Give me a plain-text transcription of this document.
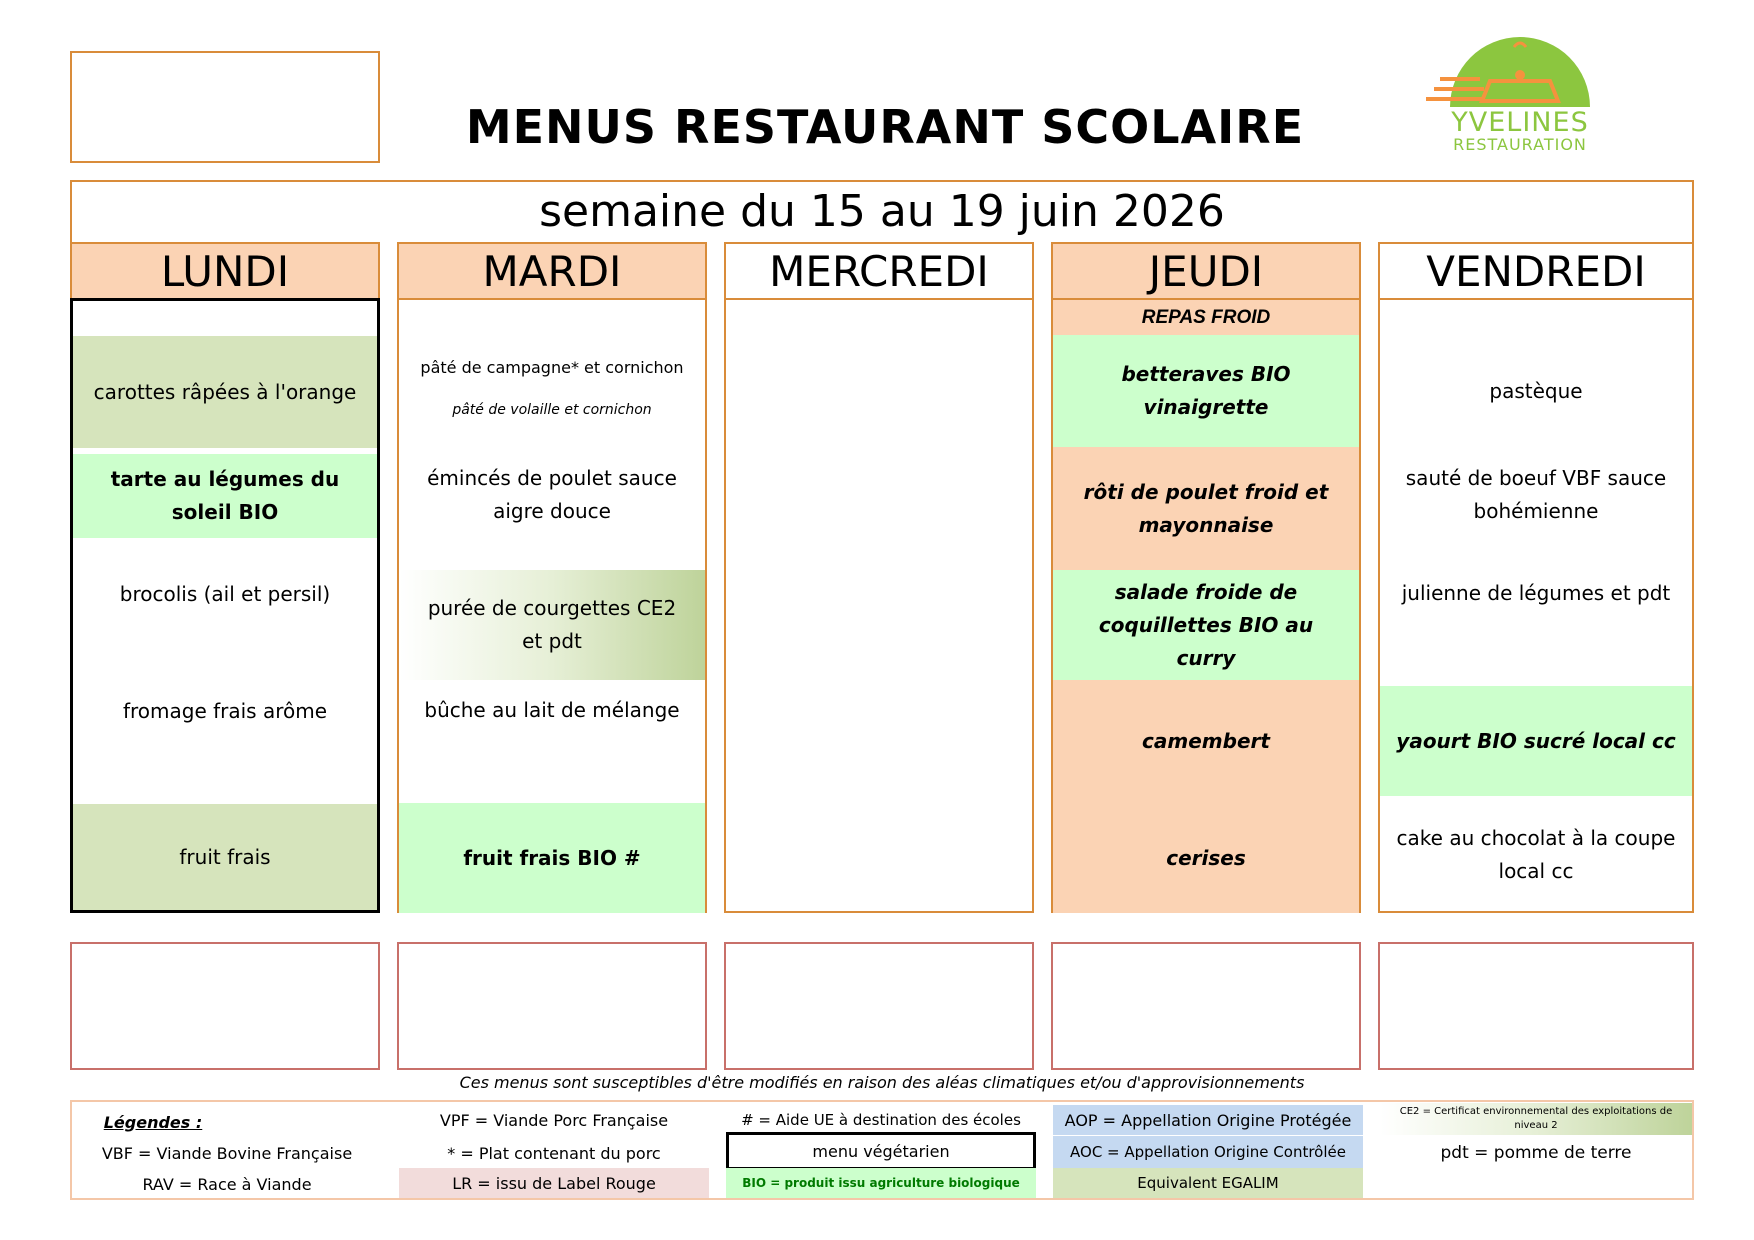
MENUS RESTAURANT SCOLAIRE	YVELINES
RESTAURATION
semaine du 15 au 19 juin 2026
LUNDI
carottes râpées à l'orange
tarte au légumes du soleil BIO
brocolis (ail et persil)
fromage frais arôme
fruit frais
MARDI
pâté de campagne* et cornichon
pâté de volaille et cornichon
émincés de poulet sauce aigre douce
purée de courgettes CE2 et pdt
bûche au lait de mélange
fruit frais BIO #
MERCREDI	JEUDI
REPAS FROID
betteraves BIO vinaigrette
rôti de poulet froid et mayonnaise
salade froide de coquillettes BIO au curry
camembert
cerises
VENDREDI
pastèque
sauté de boeuf VBF sauce bohémienne
julienne de légumes et pdt
yaourt BIO sucré local cc
cake au chocolat à la coupe local cc
Ces menus sont susceptibles d'être modifiés en raison des aléas climatiques et/ou d'approvisionnements
Légendes :	VPF = Viande Porc Française	# = Aide UE à destination des écoles	AOP = Appellation Origine Protégée	CE2 = Certificat environnemental des exploitations de niveau 2
VBF = Viande Bovine Française	* = Plat contenant du porc	menu végétarien	AOC = Appellation Origine Contrôlée	pdt = pomme de terre
RAV = Race à Viande	LR = issu de Label Rouge	BIO = produit issu agriculture biologique	Equivalent EGALIM
